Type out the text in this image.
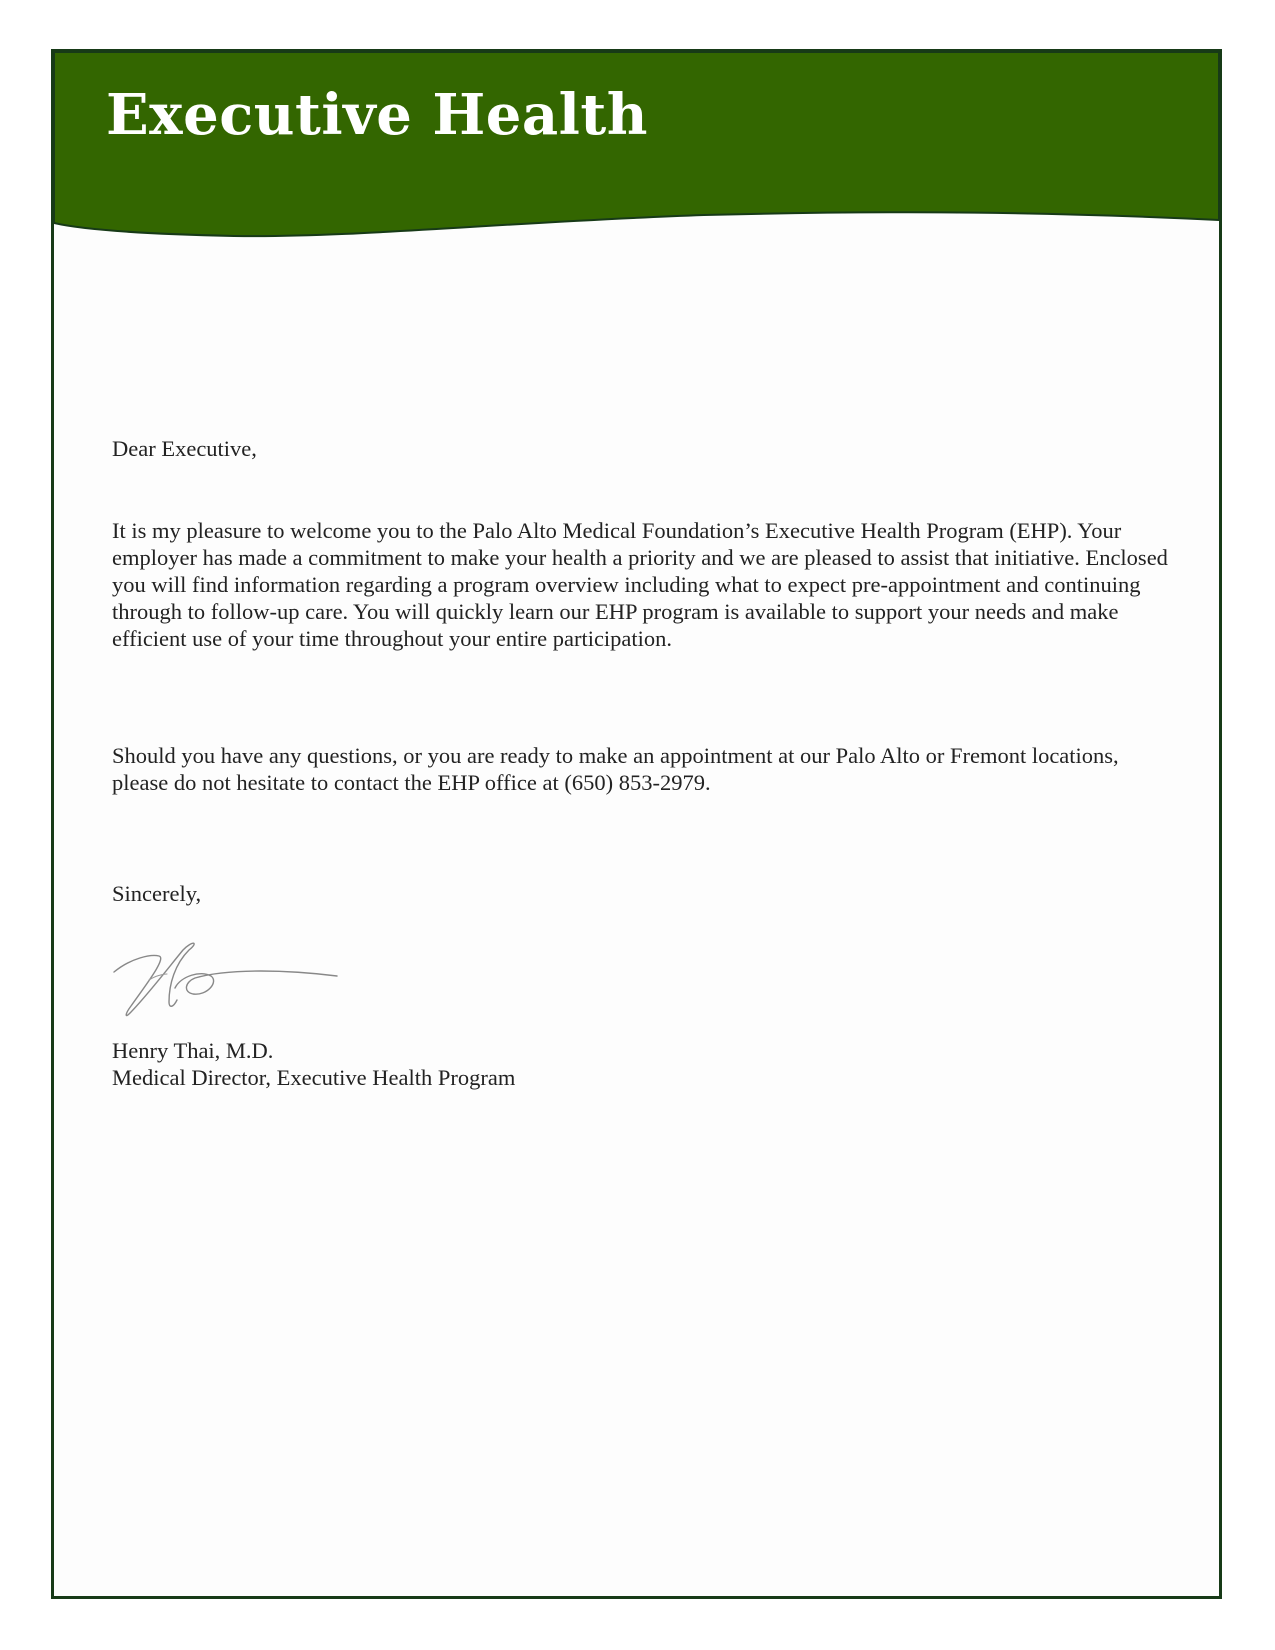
Executive Health

Dear Executive,

It is my pleasure to welcome you to the Palo Alto Medical Foundation’s Executive Health Program (EHP). Your employer has made a commitment to make your health a priority and we are pleased to assist that initiative. Enclosed you will find information regarding a program overview including what to expect pre-appointment and continuing through to follow-up care. You will quickly learn our EHP program is available to support your needs and make efficient use of your time throughout your entire participation.

Should you have any questions, or you are ready to make an appointment at our Palo Alto or Fremont locations, please do not hesitate to contact the EHP office at (650) 853-2979.

Sincerely,

Henry Thai, M.D.

Medical Director, Executive Health Program
